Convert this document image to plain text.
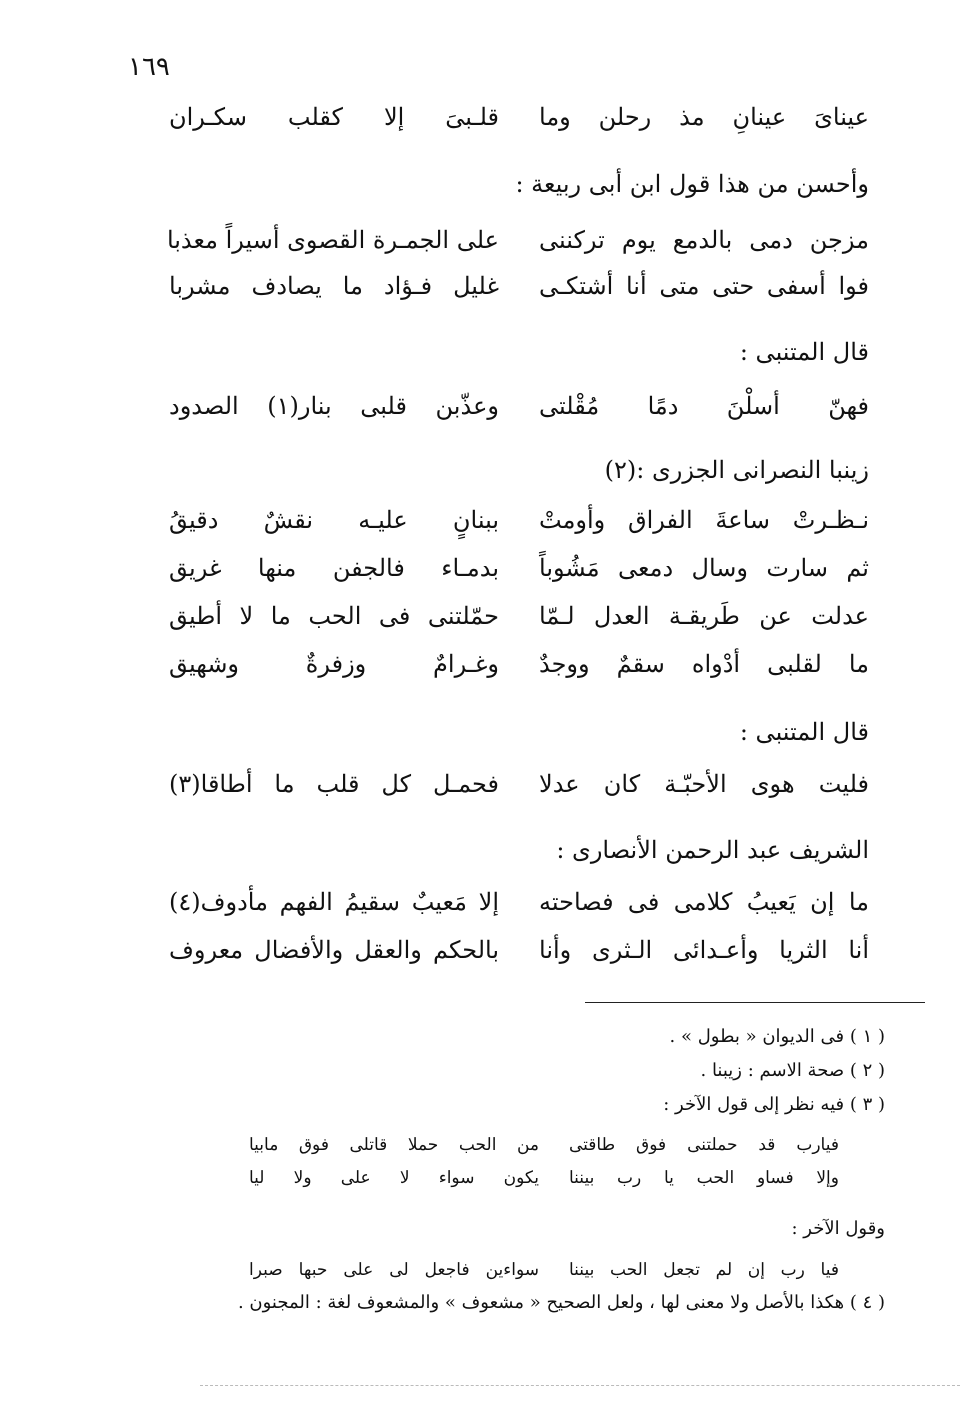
١٦٩
عيناىَ عينانِ مذ رحلن وما
قلـبىَ إلا كقلب سكـران
وأحسن من هذا قول ابن أبى ربيعة :
مزجن دمى بالدمع يوم تركننى
على الجمـرة القصوى أسيراً معذبا
فوا أسفى حتى متى أنا أشتكـى
غليل فـؤاد ما يصادف مشربا
قال المتنبى :
فهنّ أسلْنَ دمًا مُقْلتى
وعذّبن قلبى بنار(١) الصدود
زينبا النصرانى الجزرى :(٢)
نـظـرتْ ساعةَ الفراق وأومتْ
ببنانٍ عليـه نقشٌ دقيقُ
ثم سارت وسال دمعى مَشُوباً
بدمـاء فالجفن منها غريق
عدلت عن طَريقـة العدل لـمّا
حمّلتنى فى الحب ما لا أطيق
ما لقلبى أدْواه سقمٌ ووجدٌ
وغـرامٌ وزفرةٌ وشهيق
قال المتنبى :
فليت هوى الأحبّـة كان عدلا
فحمـل كل قلب ما أطاقا(٣)
الشريف عبد الرحمن الأنصارى :
ما إن يَعيبُ كلامى فى فصاحته
إلا مَعيبٌ سقيمُ الفهم مأدوف(٤)
أنا الثريا وأعـدائى الـثرى وأنا
بالحكم والعقل والأفضال معروف
( ١ ) فى الديوان « بطول » .
( ٢ ) صحة الاسم : زيبنا .
( ٣ ) فيه نظر إلى قول الآخر :
فيارب قد حملتنى فوق طاقتى
من الحب حملا قاتلى فوق مابيا
وإلا فساو الحب يا رب بيننا
يكون سواء لا على ولا ليا
وقول الآخر :
فيا رب إن لم تجعل الحب بيننا
سواءين فاجعل لى على حبها صبرا
( ٤ ) هكذا بالأصل ولا معنى لها ، ولعل الصحيح « مشعوف » والمشعوف لغة : المجنون .
